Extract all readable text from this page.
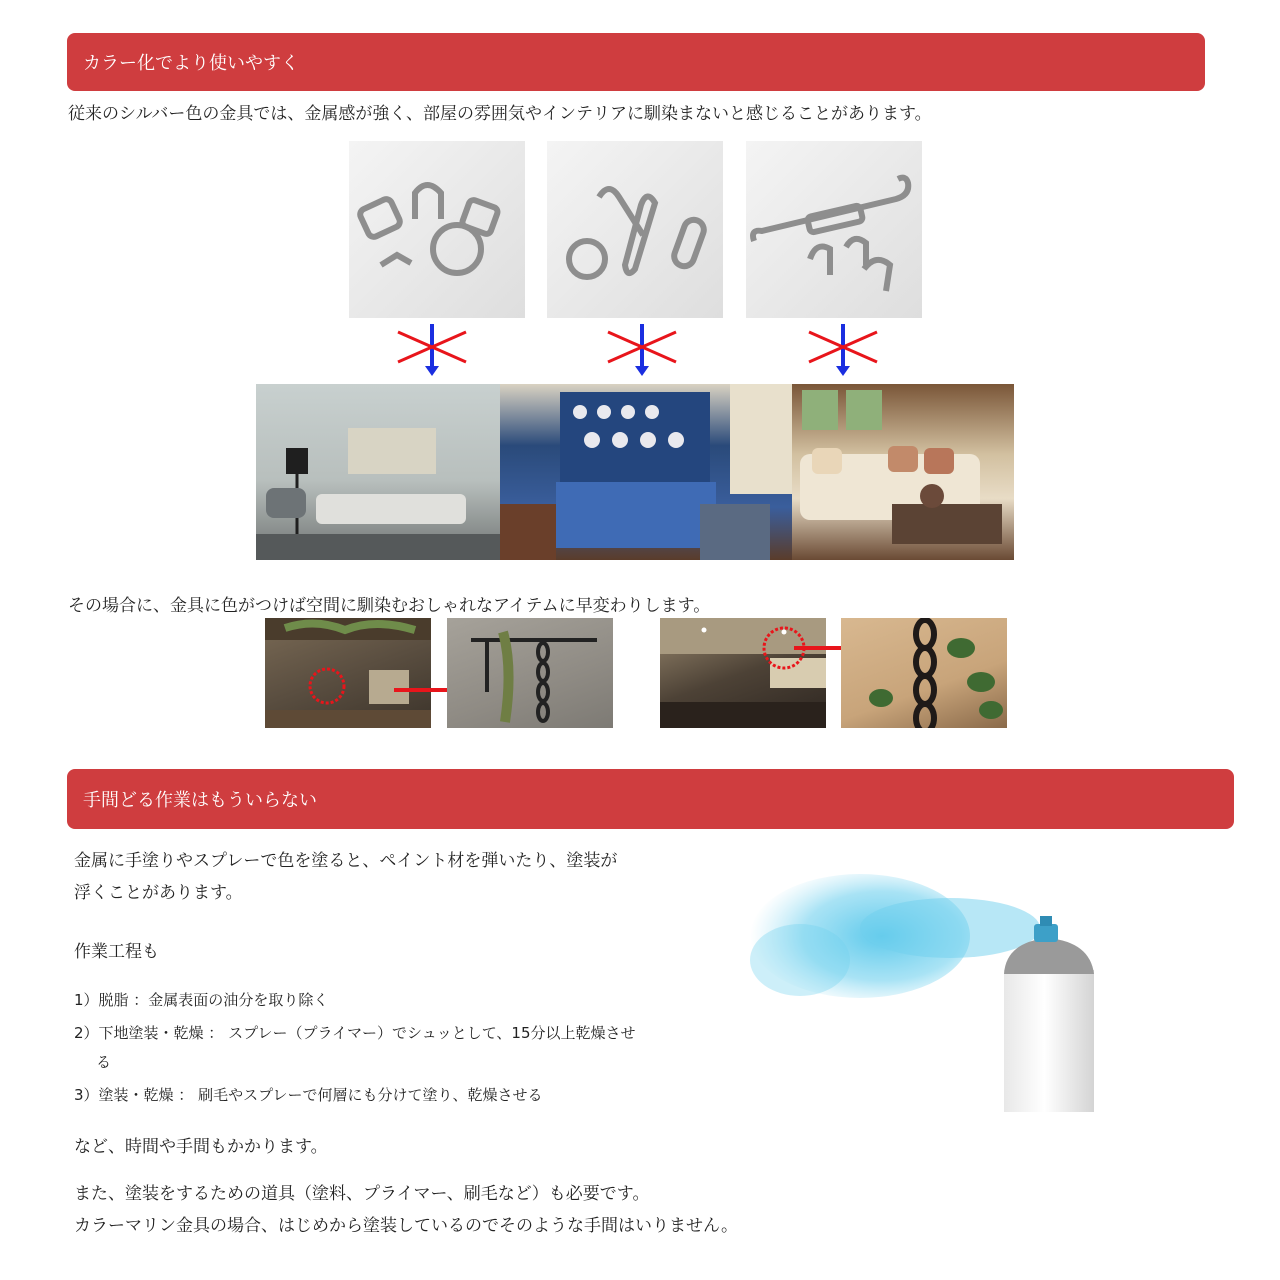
カラー化でより使いやすく
従来のシルバー色の金具では、金属感が強く、部屋の雰囲気やインテリアに馴染まないと感じることがあります。
その場合に、金具に色がつけば空間に馴染むおしゃれなアイテムに早変わりします。
手間どる作業はもういらない
金属に手塗りやスプレーで色を塗ると、ペイント材を弾いたり、塗装が
浮くことがあります。
作業工程も
1）脱脂 ：金属表面の油分を取り除く
2）下地塗装・乾燥 ： スプレー（プライマー）でシュッとして、15分以上乾燥させ
る
3）塗装・乾燥 ： 刷毛やスプレーで何層にも分けて塗り、乾燥させる
など、時間や手間もかかります。
また、塗装をするための道具（塗料、プライマー、刷毛など）も必要です。
カラーマリン金具の場合、はじめから塗装しているのでそのような手間はいりません。
